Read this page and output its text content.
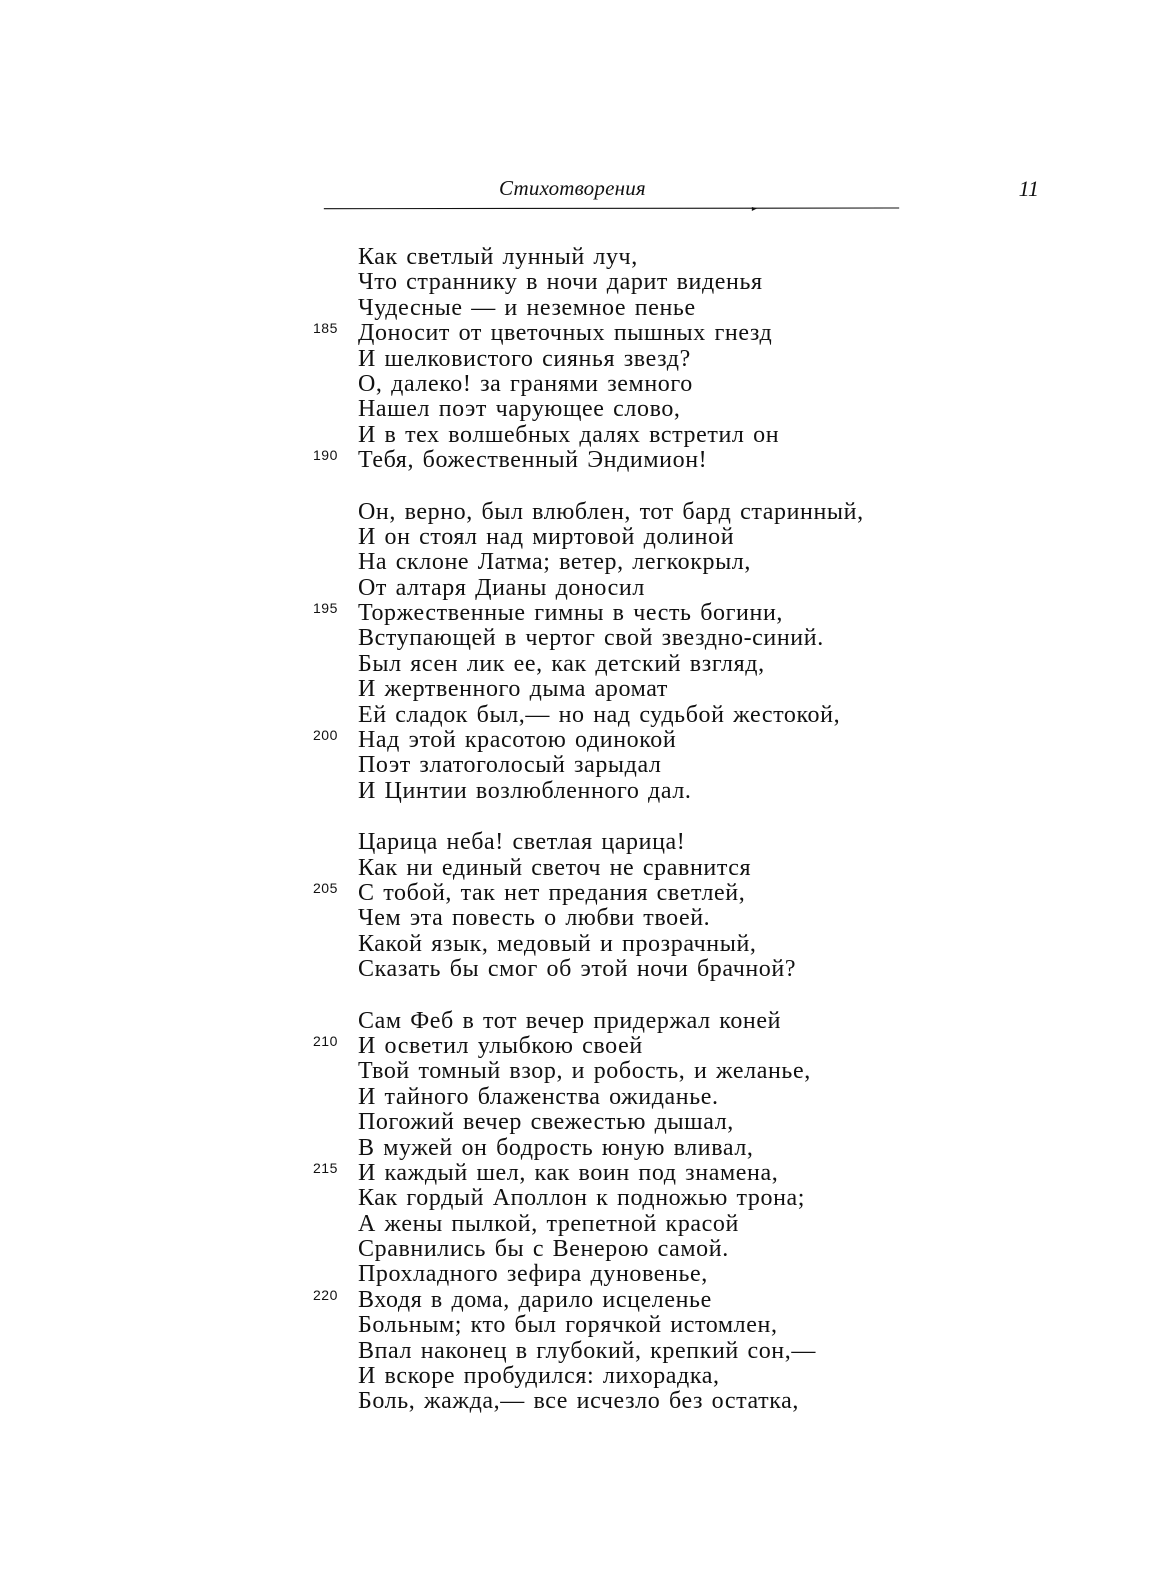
Стихотворения	11
Как светлый лунный луч,
Что страннику в ночи дарит виденья
Чудесные — и неземное пенье
185 Доносит от цветочных пышных гнезд
И шелковистого сиянья звезд?
О, далеко! за гранями земного
Нашел поэт чарующее слово,
И в тех волшебных далях встретил он
190 Тебя, божественный Эндимион!
Он, верно, был влюблен, тот бард старинный,
И он стоял над миртовой долиной
На склоне Латма; ветер, легкокрыл,
От алтаря Дианы доносил
195 Торжественные гимны в честь богини,
Вступающей в чертог свой звездно-синий.
Был ясен лик ее, как детский взгляд,
И жертвенного дыма аромат
Ей сладок был,— но над судьбой жестокой,
200 Над этой красотою одинокой
Поэт златоголосый зарыдал
И Цинтии возлюбленного дал.
Царица неба! светлая царица!
Как ни единый светоч не сравнится
205 С тобой, так нет предания светлей,
Чем эта повесть о любви твоей.
Какой язык, медовый и прозрачный,
Сказать бы смог об этой ночи брачной?
Сам Феб в тот вечер придержал коней
210 И осветил улыбкою своей
Твой томный взор, и робость, и желанье,
И тайного блаженства ожиданье.
Погожий вечер свежестью дышал,
В мужей он бодрость юную вливал,
215 И каждый шел, как воин под знамена,
Как гордый Аполлон к подножью трона;
А жены пылкой, трепетной красой
Сравнились бы с Венерою самой.
Прохладного зефира дуновенье,
220 Входя в дома, дарило исцеленье
Больным; кто был горячкой истомлен,
Впал наконец в глубокий, крепкий сон,—
И вскоре пробудился: лихорадка,
Боль, жажда,— все исчезло без остатка,
